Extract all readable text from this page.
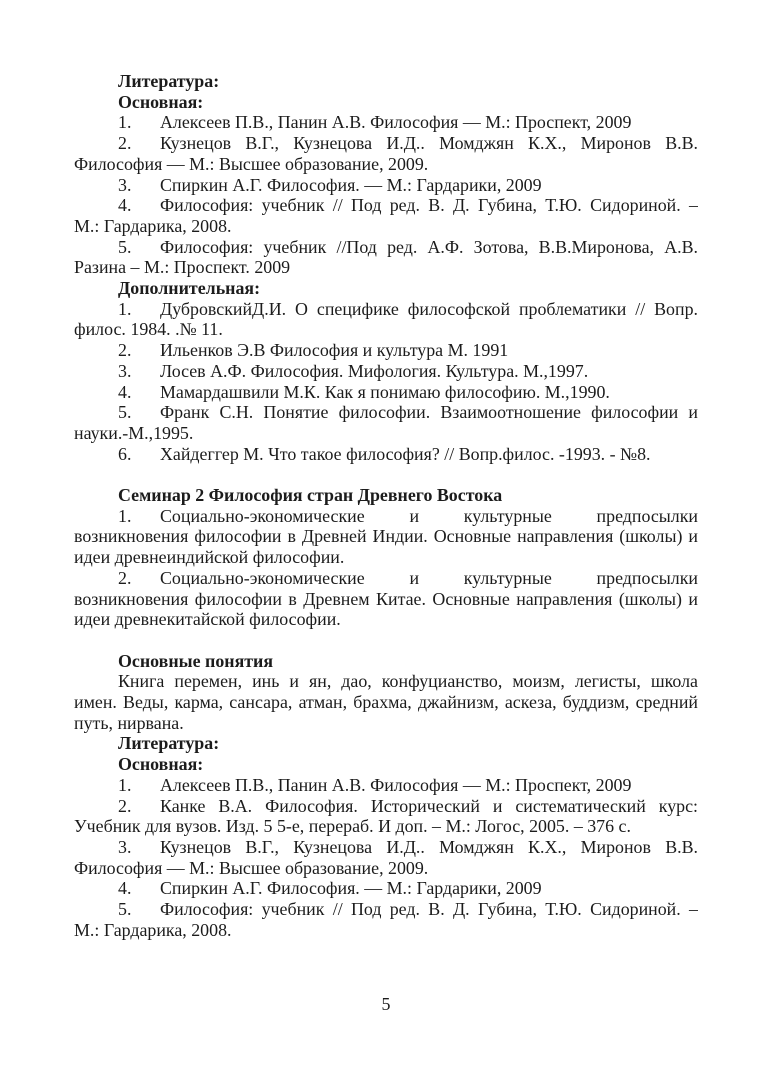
Литература:
Основная:
1. Алексеев П.В., Панин А.В. Философия — М.: Проспект, 2009
2. Кузнецов В.Г., Кузнецова И.Д.. Момджян К.Х., Миронов В.В.
Философия — М.: Высшее образование, 2009.
3. Спиркин А.Г. Философия. — М.: Гардарики, 2009
4. Философия: учебник // Под ред. В. Д. Губина, Т.Ю. Сидориной. –
М.: Гардарика, 2008.
5. Философия: учебник //Под ред. А.Ф. Зотова, В.В.Миронова, А.В.
Разина – М.: Проспект. 2009
Дополнительная:
1. ДубровскийД.И. О специфике философской проблематики // Вопр.
филос. 1984. .№ 11.
2. Ильенков Э.В Философия и культура М. 1991
3. Лосев А.Ф. Философия. Мифология. Культура. М.,1997.
4. Мамардашвили М.К. Как я понимаю философию. М.,1990.
5. Франк С.Н. Понятие философии. Взаимоотношение философии и
науки.-М.,1995.
6. Хайдеггер М. Что такое философия? // Вопр.филос. -1993. - №8.
Семинар 2 Философия стран Древнего Востока
1. Социально-экономические и культурные предпосылки
возникновения философии в Древней Индии. Основные направления (школы) и
идеи древнеиндийской философии.
2. Социально-экономические и культурные предпосылки
возникновения философии в Древнем Китае. Основные направления (школы) и
идеи древнекитайской философии.
Основные понятия
Книга перемен, инь и ян, дао, конфуцианство, моизм, легисты, школа
имен. Веды, карма, сансара, атман, брахма, джайнизм, аскеза, буддизм, средний
путь, нирвана.
Литература:
Основная:
1. Алексеев П.В., Панин А.В. Философия — М.: Проспект, 2009
2. Канке В.А. Философия. Исторический и систематический курс:
Учебник для вузов. Изд. 5 5-е, перераб. И доп. – М.: Логос, 2005. – 376 с.
3. Кузнецов В.Г., Кузнецова И.Д.. Момджян К.Х., Миронов В.В.
Философия — М.: Высшее образование, 2009.
4. Спиркин А.Г. Философия. — М.: Гардарики, 2009
5. Философия: учебник // Под ред. В. Д. Губина, Т.Ю. Сидориной. –
М.: Гардарика, 2008.
5
